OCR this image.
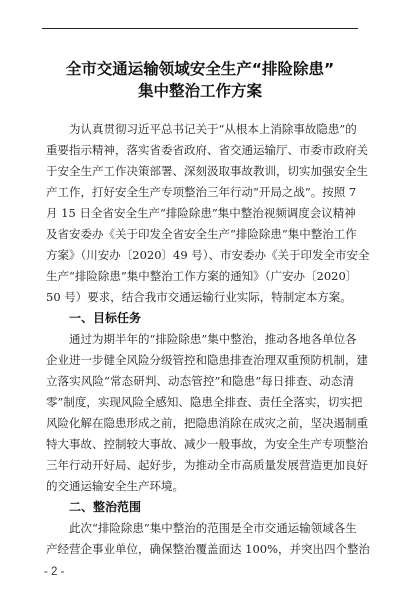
全市交通运输领域安全生产“排险除患”
集中整治工作方案
为认真贯彻习近平总书记关于“从根本上消除事故隐患”的
重要指示精神，落实省委省政府、省交通运输厅、市委市政府关
于安全生产工作决策部署、深刻汲取事故教训，切实加强安全生
产工作，打好安全生产专项整治三年行动“开局之战”。按照 7
月 15 日全省安全生产“排险除患”集中整治视频调度会议精神
及省安委办《关于印发全省安全生产“排险除患”集中整治工作
方案》（川安办〔2020〕49 号）、市安委办《关于印发全市安全
生产“排险除患”集中整治工作方案的通知》（广安办〔2020〕
50 号）要求，结合我市交通运输行业实际，特制定本方案。
一、目标任务
通过为期半年的“排险除患”集中整治，推动各地各单位各
企业进一步健全风险分级管控和隐患排查治理双重预防机制，建
立落实风险“常态研判、动态管控”和隐患“每日排查、动态清
零”制度，实现风险全感知、隐患全排查、责任全落实，切实把
风险化解在隐患形成之前，把隐患消除在成灾之前，坚决遏制重
特大事故、控制较大事故、减少一般事故，为安全生产专项整治
三年行动开好局、起好步，为推动全市高质量发展营造更加良好
的交通运输安全生产环境。
二、整治范围
此次“排险除患”集中整治的范围是全市交通运输领域各生
产经营企事业单位，确保整治覆盖面达 100%，并突出四个整治
- 2 -
